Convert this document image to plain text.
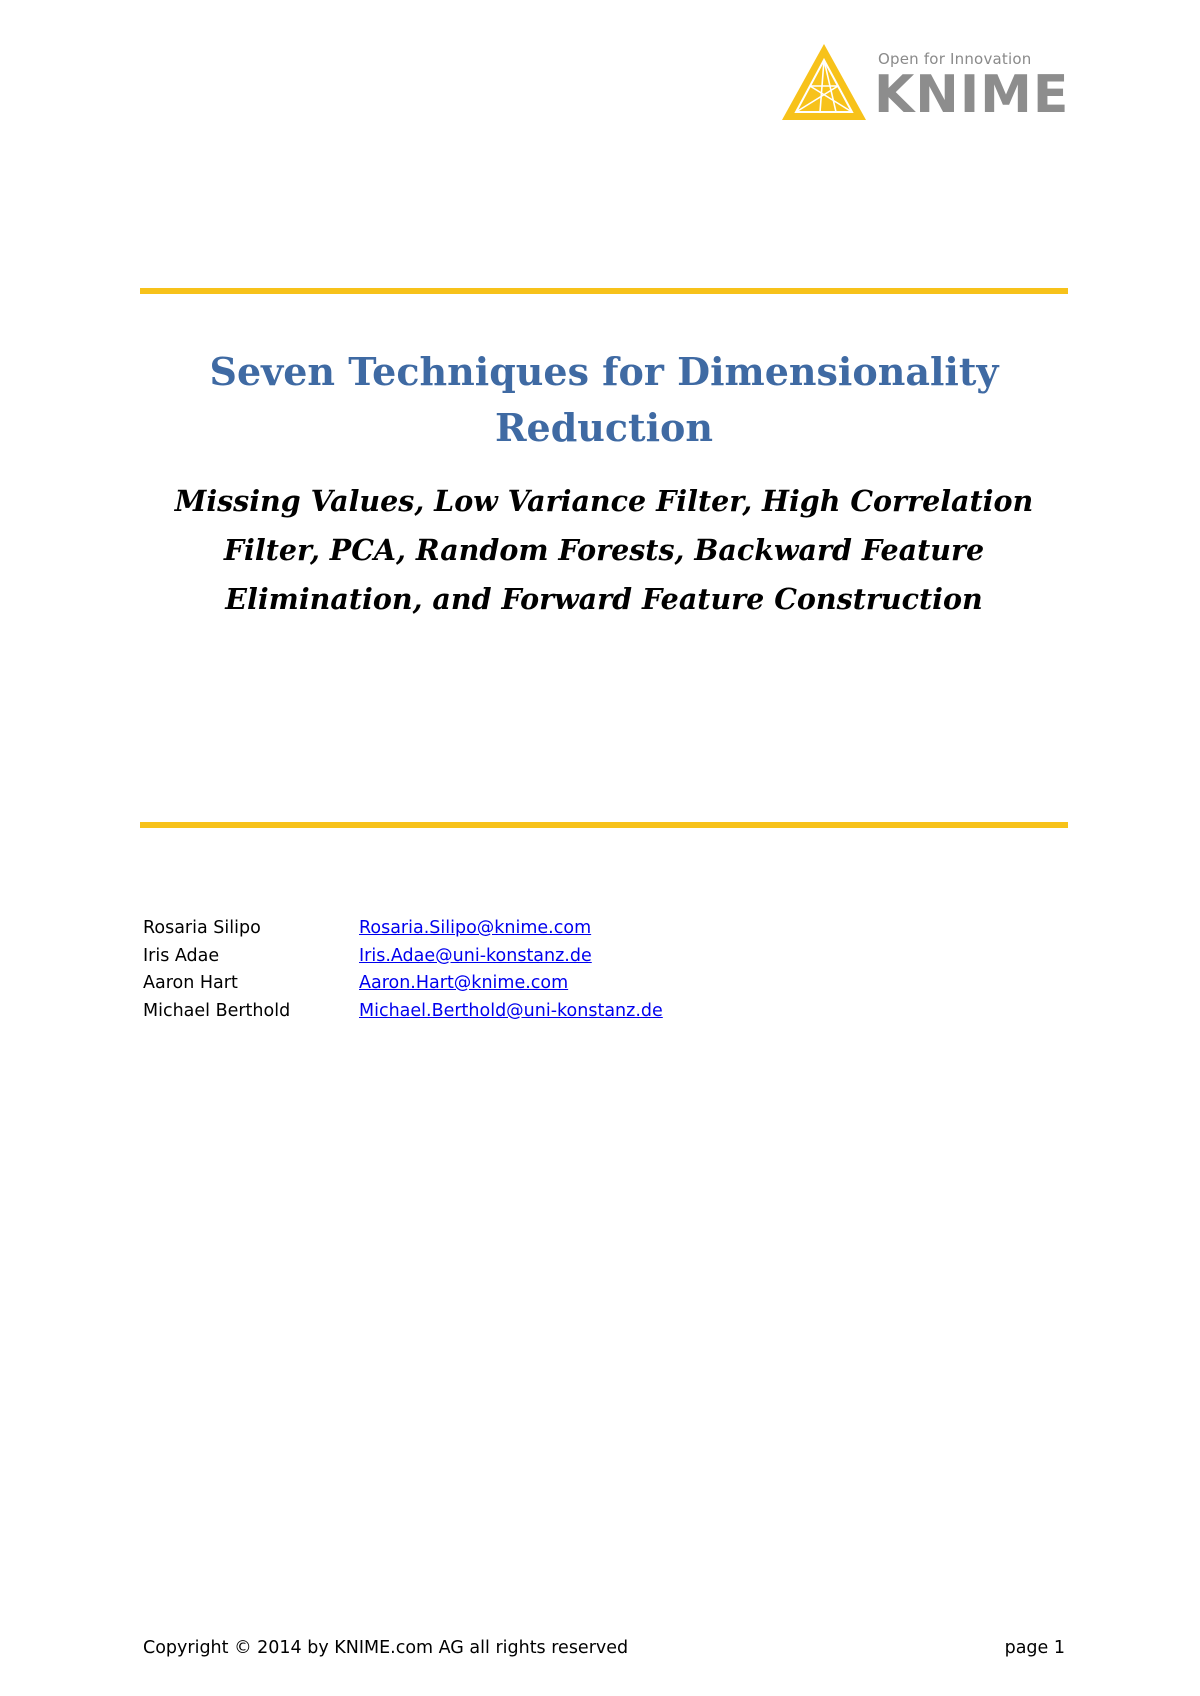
Open for Innovation
KNIME
Seven Techniques for Dimensionality
Reduction
Missing Values, Low Variance Filter, High Correlation
Filter, PCA, Random Forests, Backward Feature
Elimination, and Forward Feature Construction
Rosaria Silipo	Rosaria.Silipo@knime.com
Iris Adae	Iris.Adae@uni-konstanz.de
Aaron Hart	Aaron.Hart@knime.com
Michael Berthold	Michael.Berthold@uni-konstanz.de
Copyright © 2014 by KNIME.com AG all rights reserved	page 1
